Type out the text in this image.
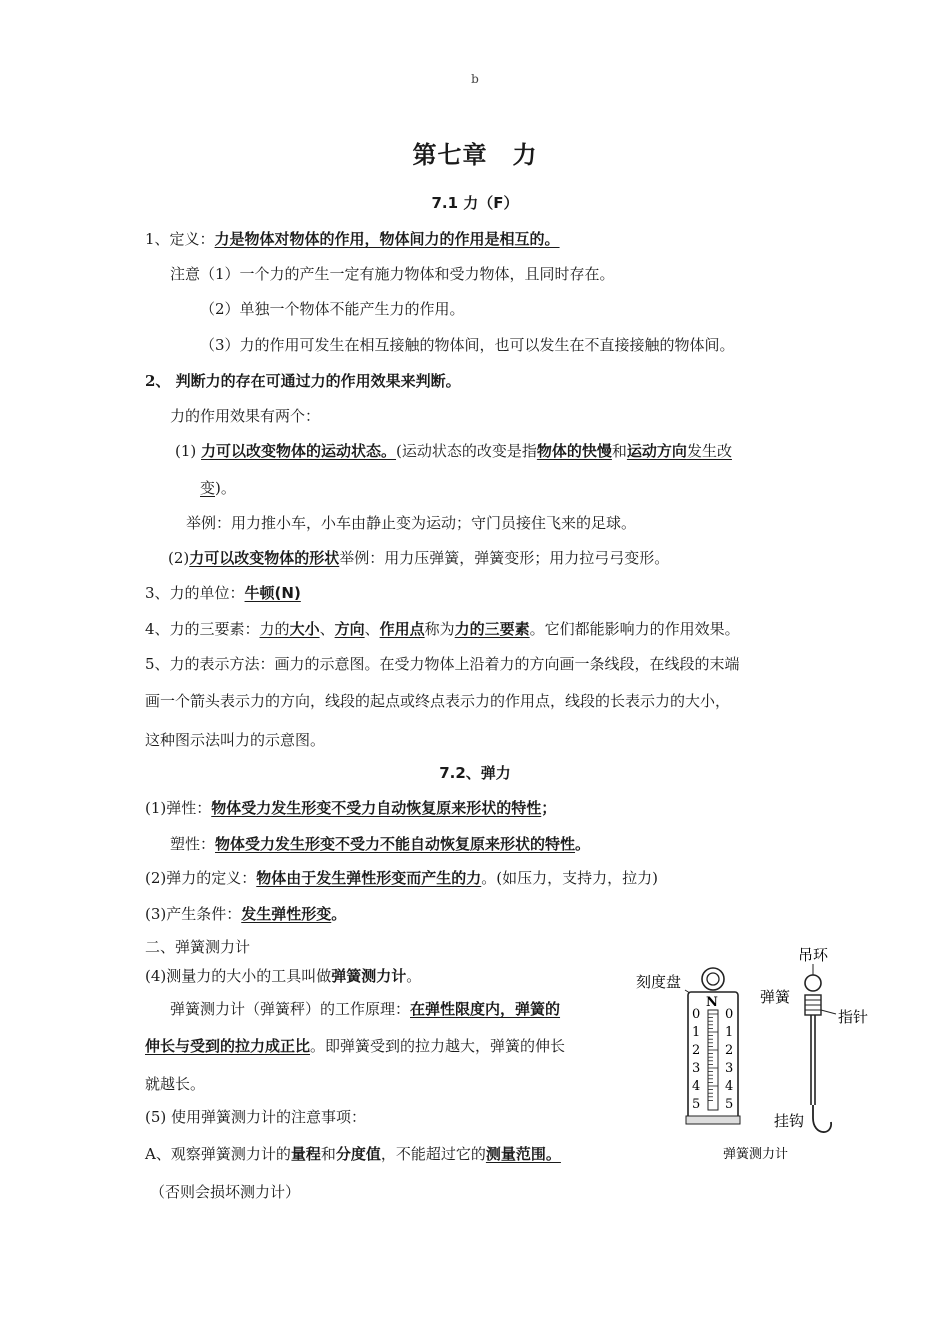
b
第七章　力
7.1 力（F）
1、定义：力是物体对物体的作用，物体间力的作用是相互的。
注意（1）一个力的产生一定有施力物体和受力物体，且同时存在。
（2）单独一个物体不能产生力的作用。
（3）力的作用可发生在相互接触的物体间，也可以发生在不直接接触的物体间。
2、 判断力的存在可通过力的作用效果来判断。
力的作用效果有两个：
(1) 力可以改变物体的运动状态。(运动状态的改变是指物体的快慢和运动方向发生改
变)。
举例：用力推小车，小车由静止变为运动；守门员接住飞来的足球。
(2)力可以改变物体的形状举例：用力压弹簧，弹簧变形；用力拉弓弓变形。
3、力的单位：牛顿(N)
4、力的三要素：力的大小、方向、作用点称为力的三要素。它们都能影响力的作用效果。
5、力的表示方法：画力的示意图。在受力物体上沿着力的方向画一条线段，在线段的末端
画一个箭头表示力的方向，线段的起点或终点表示力的作用点，线段的长表示力的大小，
这种图示法叫力的示意图。
7.2、弹力
(1)弹性：物体受力发生形变不受力自动恢复原来形状的特性；
塑性：物体受力发生形变不受力不能自动恢复原来形状的特性。
(2)弹力的定义：物体由于发生弹性形变而产生的力。(如压力，支持力，拉力)
(3)产生条件：发生弹性形变。
二、弹簧测力计
(4)测量力的大小的工具叫做弹簧测力计。
弹簧测力计（弹簧秤）的工作原理：在弹性限度内，弹簧的
伸长与受到的拉力成正比。即弹簧受到的拉力越大，弹簧的伸长
就越长。
(5) 使用弹簧测力计的注意事项：
A、观察弹簧测力计的量程和分度值，不能超过它的测量范围。
（否则会损坏测力计）
刻度盘
N
0
1
2
3
4
5
0
1
2
3
4
5
吊环
弹簧
指针
挂钩
弹簧测力计
